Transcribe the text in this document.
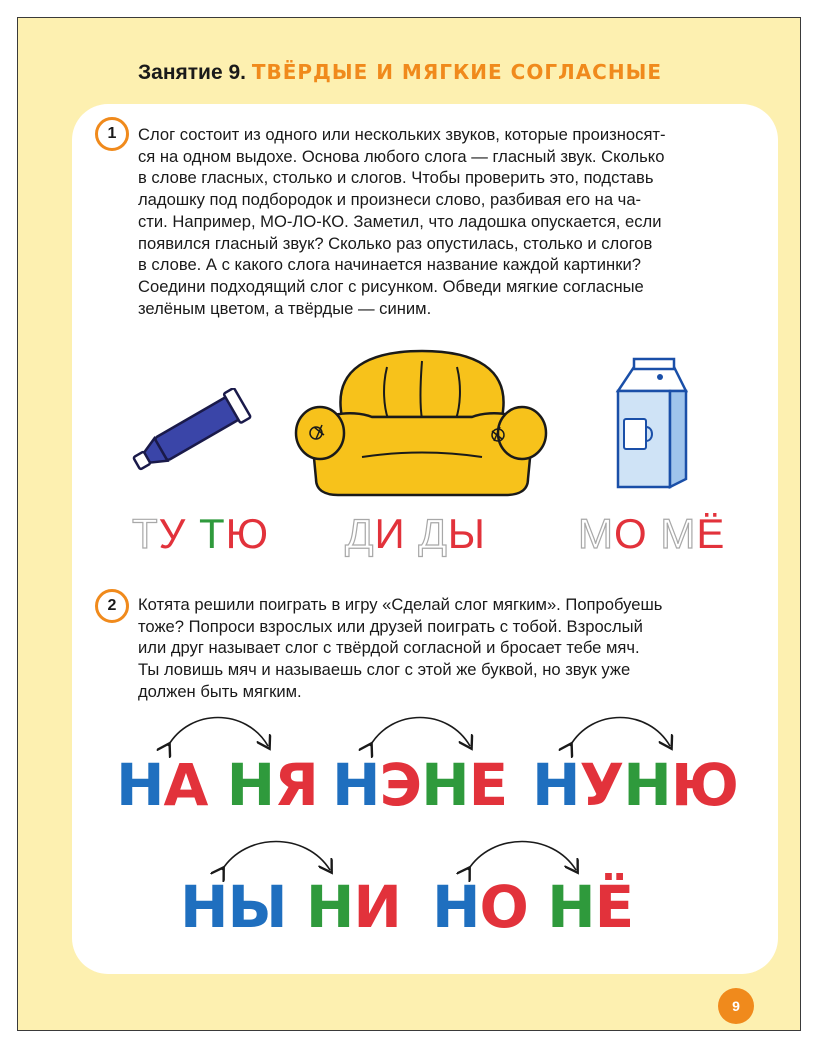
Занятие 9. ТВЁРДЫЕ И МЯГКИЕ СОГЛАСНЫЕ
1	Слог состоит из одного или нескольких звуков, которые произносят-
ся на одном выдохе. Основа любого слога — гласный звук. Сколько
в слове гласных, столько и слогов. Чтобы проверить это, подставь
ладошку под подбородок и произнеси слово, разбивая его на ча-
сти. Например, МО-ЛО-КО. Заметил, что ладошка опускается, если
появился гласный звук? Сколько раз опустилась, столько и слогов
в слове. А с какого слога начинается название каждой картинки?
Соедини подходящий слог с рисунком. Обведи мягкие согласные
зелёным цветом, а твёрдые — синим.
ТУ ТЮ ДИ ДЫ МО МЁ
2	Котята решили поиграть в игру «Сделай слог мягким». Попробуешь
тоже? Попроси взрослых или друзей поиграть с тобой. Взрослый
или друг называет слог с твёрдой согласной и бросает тебе мяч.
Ты ловишь мяч и называешь слог с этой же буквой, но звук уже
должен быть мягким.
НА НЯ НЭНЕ НУНЮ
НЫ НИ НО НЁ
9
